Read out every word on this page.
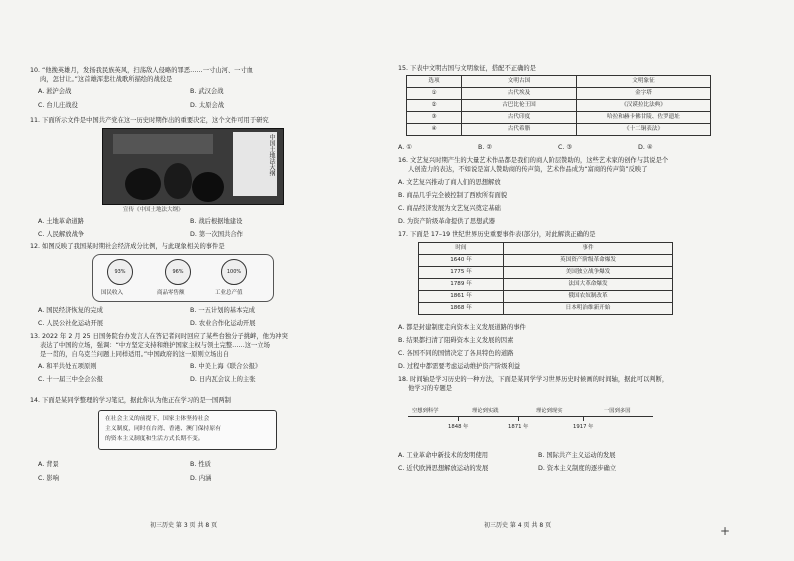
10. “他挽英雄月，发扬我民族英风，扫荡敌人侵略的罪恶……一寸山河、一寸血
肉，怎甘让。”这首雄浑悲壮战歌所描绘的战役是
A. 淞沪会战	B. 武汉会战
C. 台儿庄战役	D. 太原会战
11. 下面所示文件是中国共产党在这一历史时期作出的重要决定，这个文件可用于研究
中国土地法大纲
宣传《中国土地法大纲》
A. 土地革命道路	B. 战后根据地建设
C. 人民解放战争	D. 第一次国共合作
12. 如图反映了我国某时期社会经济成分比例，与此现象相关的事件是
93%	96%	100%
国民收入	商品零售额	工业总产值
A. 国民经济恢复的完成	B. 一五计划的基本完成
C. 人民公社化运动开展	D. 农业合作化运动开展
13. 2022 年 2 月 25 日国务院台办发言人在答记者问时回应了某些台独分子挑衅，他为冲突
表达了中国的立场，强调：“中方坚定支持和维护国家主权与领土完整……这一立场
是一贯的，自乌克兰问题上同样适用。”中国政府的这一原则立场出自
A. 和平共处五项原则	B. 中美上海《联合公报》
C. 十一届三中全会公报	D. 日内瓦会议上的主张
14. 下面是某同学整理的学习笔记，据此你认为他正在学习的是一国两制
在社会主义的前提下，国家主体坚持社会
主义制度，同时在台湾、香港、澳门保持原有
的资本主义制度和生活方式长期不变。
A. 背景	B. 性质
C. 影响	D. 内涵
初三历史 第 3 页 共 8 页
15. 下表中文明古国与文明象征，搭配不正确的是
选项	文明古国	文明象征
①	古代埃及	金字塔
②	古巴比伦王国	《汉谟拉比法典》
③	古代印度	哈拉和赫卡佛甘陵、佐罗遗址
④	古代希腊	《十二铜表法》
A. ①	B. ②	C. ③	D. ④
16. 文艺复兴时期产生的大量艺术作品都是我们的商人阶层赞助的，这些艺术家的创作与其说是个
人创造力的表达，不如说是富人赞助商的传声筒，艺术作品成为“富商的传声筒”反映了
A. 文艺复兴推动了商人们的思想解放
B. 商品几乎完全被控制了西欧所有面貌
C. 商品经济发展为文艺复兴奠定基础
D. 为资产阶级革命提供了思想武器
17. 下面是 17–19 世纪世界历史重要事件表(部分)，对此解读正确的是
时间	事件
1640 年	英国资产阶级革命爆发
1775 年	美国独立战争爆发
1789 年	法国大革命爆发
1861 年	俄国农奴制改革
1868 年	日本明治维新开始
A. 都是封建制度走向资本主义发展道路的事件
B. 结果都扫清了阻碍资本主义发展的因素
C. 各国不同的国情决定了各具特色的道路
D. 过程中都需要考虑运动维护资产阶级利益
18. 时间轴是学习历史的一种方法，下面是某同学学习世界历史时候画的时间轴，据此可以判断，
他学习的专题是
空想到科学	理论到实践	理论到现实	一国到多国
1848 年	1871 年	1917 年
A. 工业革命中新技术的发明使用	B. 国际共产主义运动的发展
C. 近代欧洲思想解放运动的发展	D. 资本主义制度的逐步确立
初三历史 第 4 页 共 8 页	+
